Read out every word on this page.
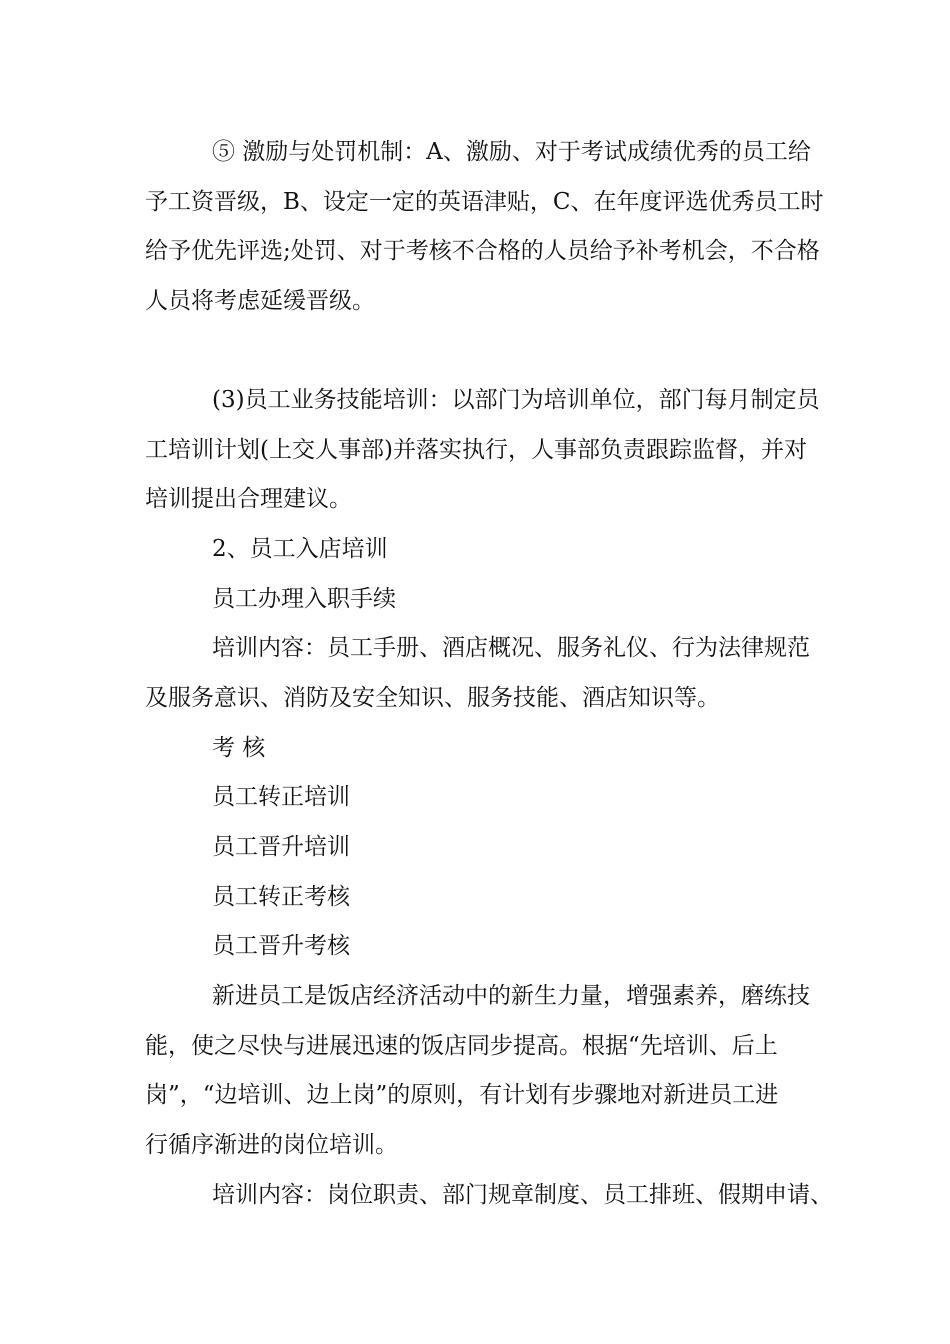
⑤ 激励与处罚机制：A、激励、对于考试成绩优秀的员工给
予工资晋级，B、设定一定的英语津贴，C、在年度评选优秀员工时
给予优先评选;处罚、对于考核不合格的人员给予补考机会，不合格
人员将考虑延缓晋级。
(3)员工业务技能培训：以部门为培训单位，部门每月制定员
工培训计划(上交人事部)并落实执行，人事部负责跟踪监督，并对
培训提出合理建议。
2、员工入店培训
员工办理入职手续
培训内容：员工手册、酒店概况、服务礼仪、行为法律规范
及服务意识、消防及安全知识、服务技能、酒店知识等。
考 核
员工转正培训
员工晋升培训
员工转正考核
员工晋升考核
新进员工是饭店经济活动中的新生力量，增强素养，磨练技
能，使之尽快与进展迅速的饭店同步提高。根据“先培训、后上
岗”，“边培训、边上岗”的原则，有计划有步骤地对新进员工进
行循序渐进的岗位培训。
培训内容：岗位职责、部门规章制度、员工排班、假期申请、
